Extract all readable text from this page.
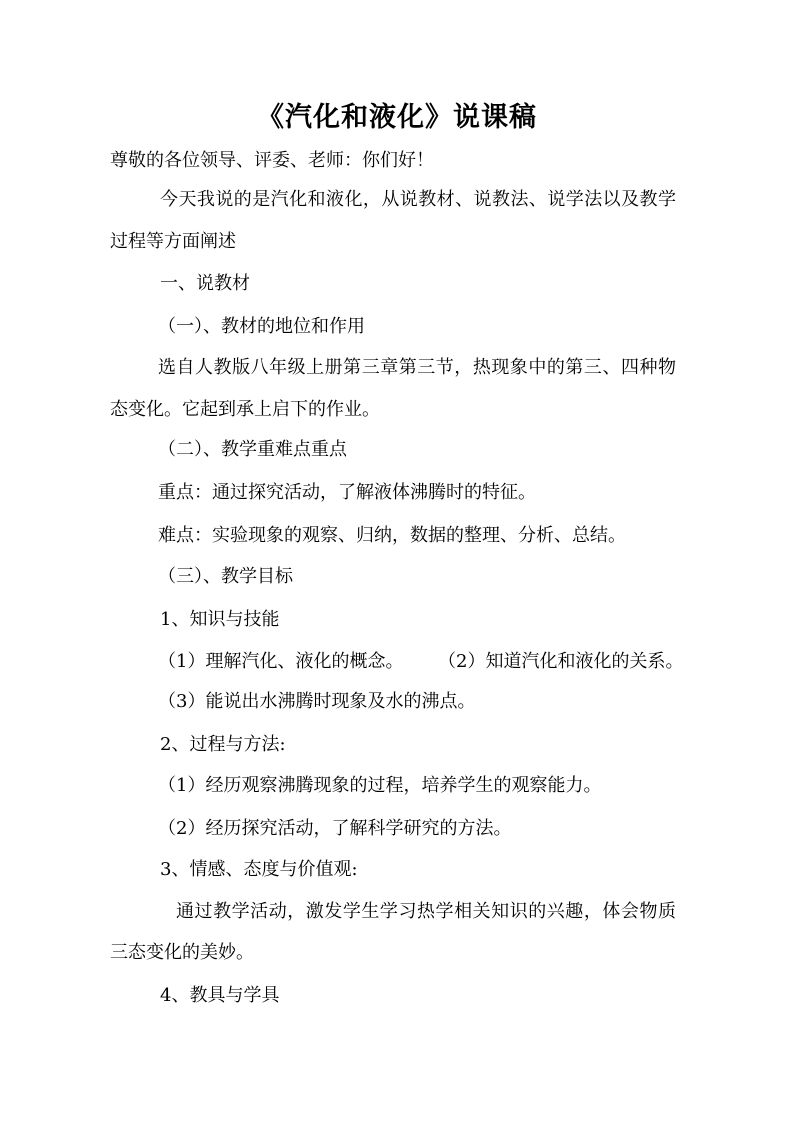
《汽化和液化》说课稿
尊敬的各位领导、评委、老师：你们好！
今天我说的是汽化和液化，从说教材、说教法、说学法以及教学
过程等方面阐述
一、说教材
（一）、教材的地位和作用
选自人教版八年级上册第三章第三节，热现象中的第三、四种物
态变化。它起到承上启下的作业。
（二）、教学重难点重点
重点：通过探究活动，了解液体沸腾时的特征。
难点：实验现象的观察、归纳，数据的整理、分析、总结。
（三）、教学目标
1、知识与技能
（1）理解汽化、液化的概念。 （2）知道汽化和液化的关系。
（3）能说出水沸腾时现象及水的沸点。
2、过程与方法:
（1）经历观察沸腾现象的过程，培养学生的观察能力。
（2）经历探究活动，了解科学研究的方法。
3、情感、态度与价值观:
通过教学活动，激发学生学习热学相关知识的兴趣，体会物质
三态变化的美妙。
4、教具与学具
